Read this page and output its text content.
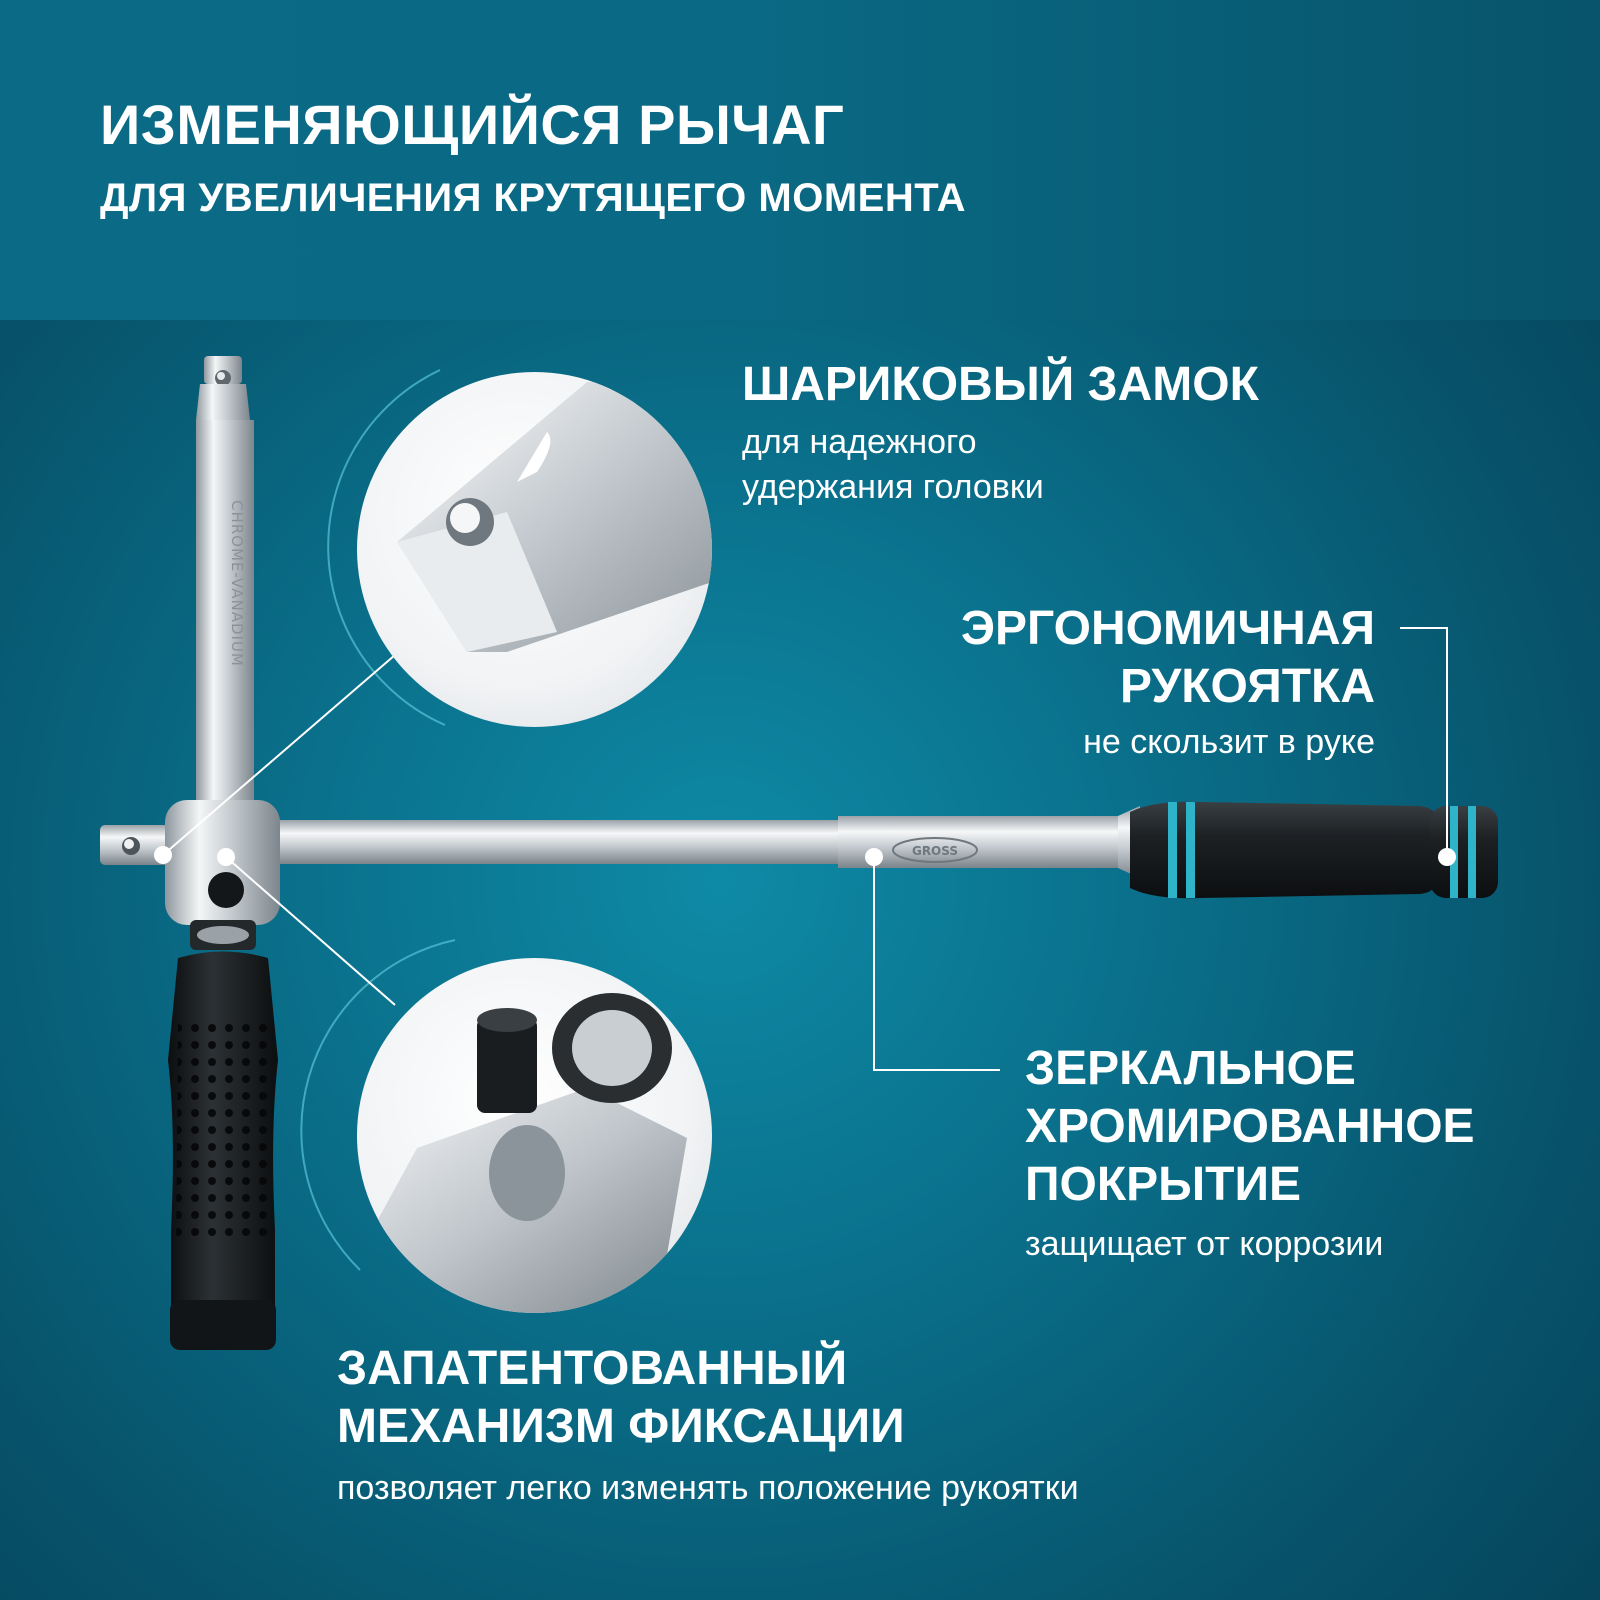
ИЗМЕНЯЮЩИЙСЯ РЫЧАГ
ДЛЯ УВЕЛИЧЕНИЯ КРУТЯЩЕГО МОМЕНТА
CHROME-VANADIUM
GROSS
ШАРИКОВЫЙ ЗАМОК
для надежного
удержания головки
ЭРГОНОМИЧНАЯ
РУКОЯТКА
не скользит в руке
ЗЕРКАЛЬНОЕ
ХРОМИРОВАННОЕ
ПОКРЫТИЕ
защищает от коррозии
ЗАПАТЕНТОВАННЫЙ
МЕХАНИЗМ ФИКСАЦИИ
позволяет легко изменять положение рукоятки
